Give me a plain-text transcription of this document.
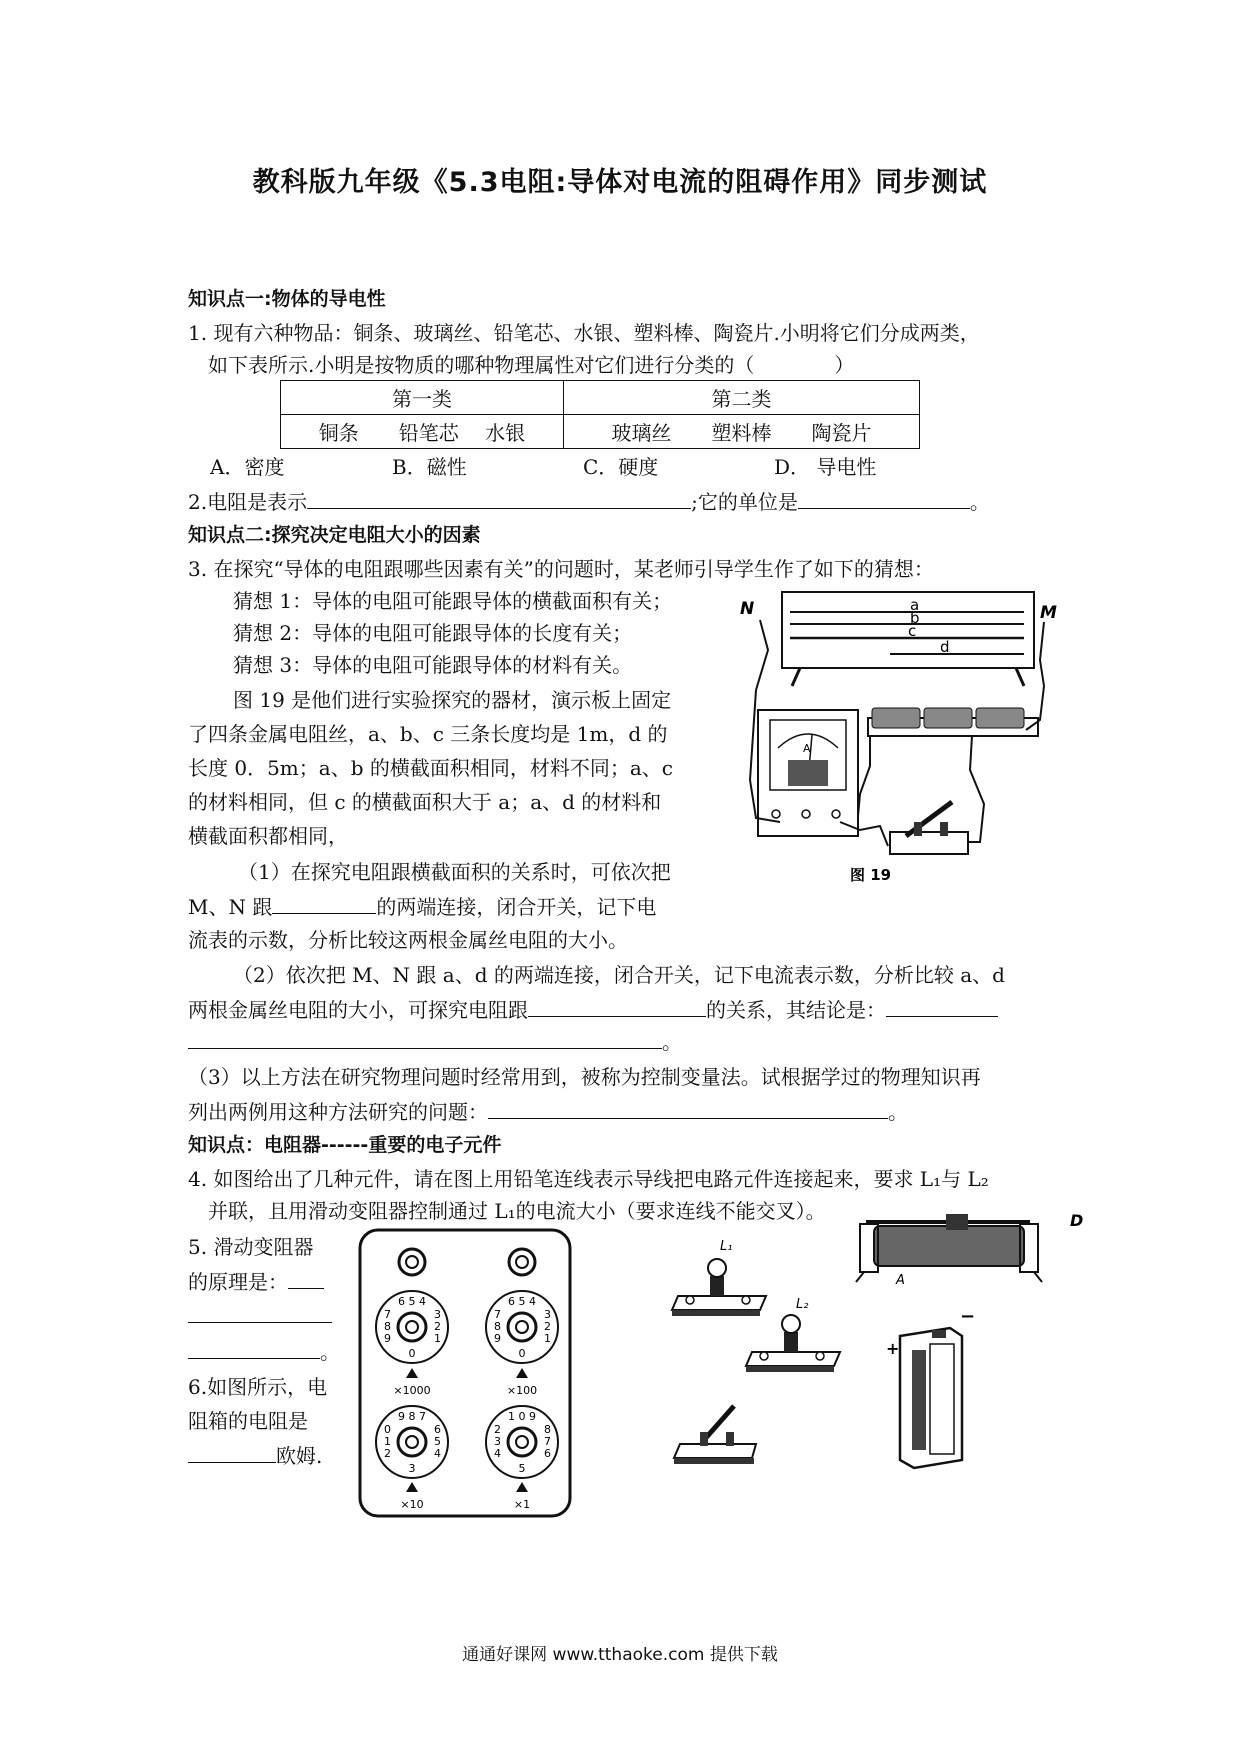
教科版九年级《5.3电阻:导体对电流的阻碍作用》同步测试
知识点一:物体的导电性
1. 现有六种物品：铜条、玻璃丝、铅笔芯、水银、塑料棒、陶瓷片.小明将它们分成两类，
如下表所示.小明是按物质的哪种物理属性对它们进行分类的（　　　　）
第一类	第二类
铜条　　铅笔芯　 水银	玻璃丝　　塑料棒　　陶瓷片
A．密度	B．磁性	C．硬度	D． 导电性
2.电阻是表示	;它的单位是	。
知识点二:探究决定电阻大小的因素
3. 在探究“导体的电阻跟哪些因素有关”的问题时，某老师引导学生作了如下的猜想：
猜想 1：导体的电阻可能跟导体的横截面积有关；
猜想 2：导体的电阻可能跟导体的长度有关；
猜想 3：导体的电阻可能跟导体的材料有关。
图 19 是他们进行实验探究的器材，演示板上固定
了四条金属电阻丝，a、b、c 三条长度均是 1m，d 的
长度 0．5m；a、b 的横截面积相同，材料不同；a、c
的材料相同，但 c 的横截面积大于 a；a、d 的材料和
横截面积都相同，
（1）在探究电阻跟横截面积的关系时，可依次把
M、N 跟	的两端连接，闭合开关，记下电
流表的示数，分析比较这两根金属丝电阻的大小。
（2）依次把 M、N 跟 a、d 的两端连接，闭合开关，记下电流表示数，分析比较 a、d
两根金属丝电阻的大小，可探究电阻跟	的关系，其结论是：
。
（3）以上方法在研究物理问题时经常用到，被称为控制变量法。试根据学过的物理知识再
列出两例用这种方法研究的问题：	。
知识点：电阻器------重要的电子元件
4. 如图给出了几种元件，请在图上用铅笔连线表示导线把电路元件连接起来，要求 L₁与 L₂
并联，且用滑动变阻器控制通过 L₁的电流大小（要求连线不能交叉）。
5. 滑动变阻器
的原理是：
。
6.如图所示，电
阻箱的电阻是
欧姆.
a
b
c
d
N	M
A
图 19
6 5 4
8
7
9
3
2
1
0
×1000
6 5 4
7
8
9
3
2
1
0
×100
9 8 7
0
1
2
6
5
4
3
×10
1 0 9
2
3
4
8
7
6
5
×1
L₁
L₂
D
A
+
−
通通好课网 www.tthaoke.com 提供下载
